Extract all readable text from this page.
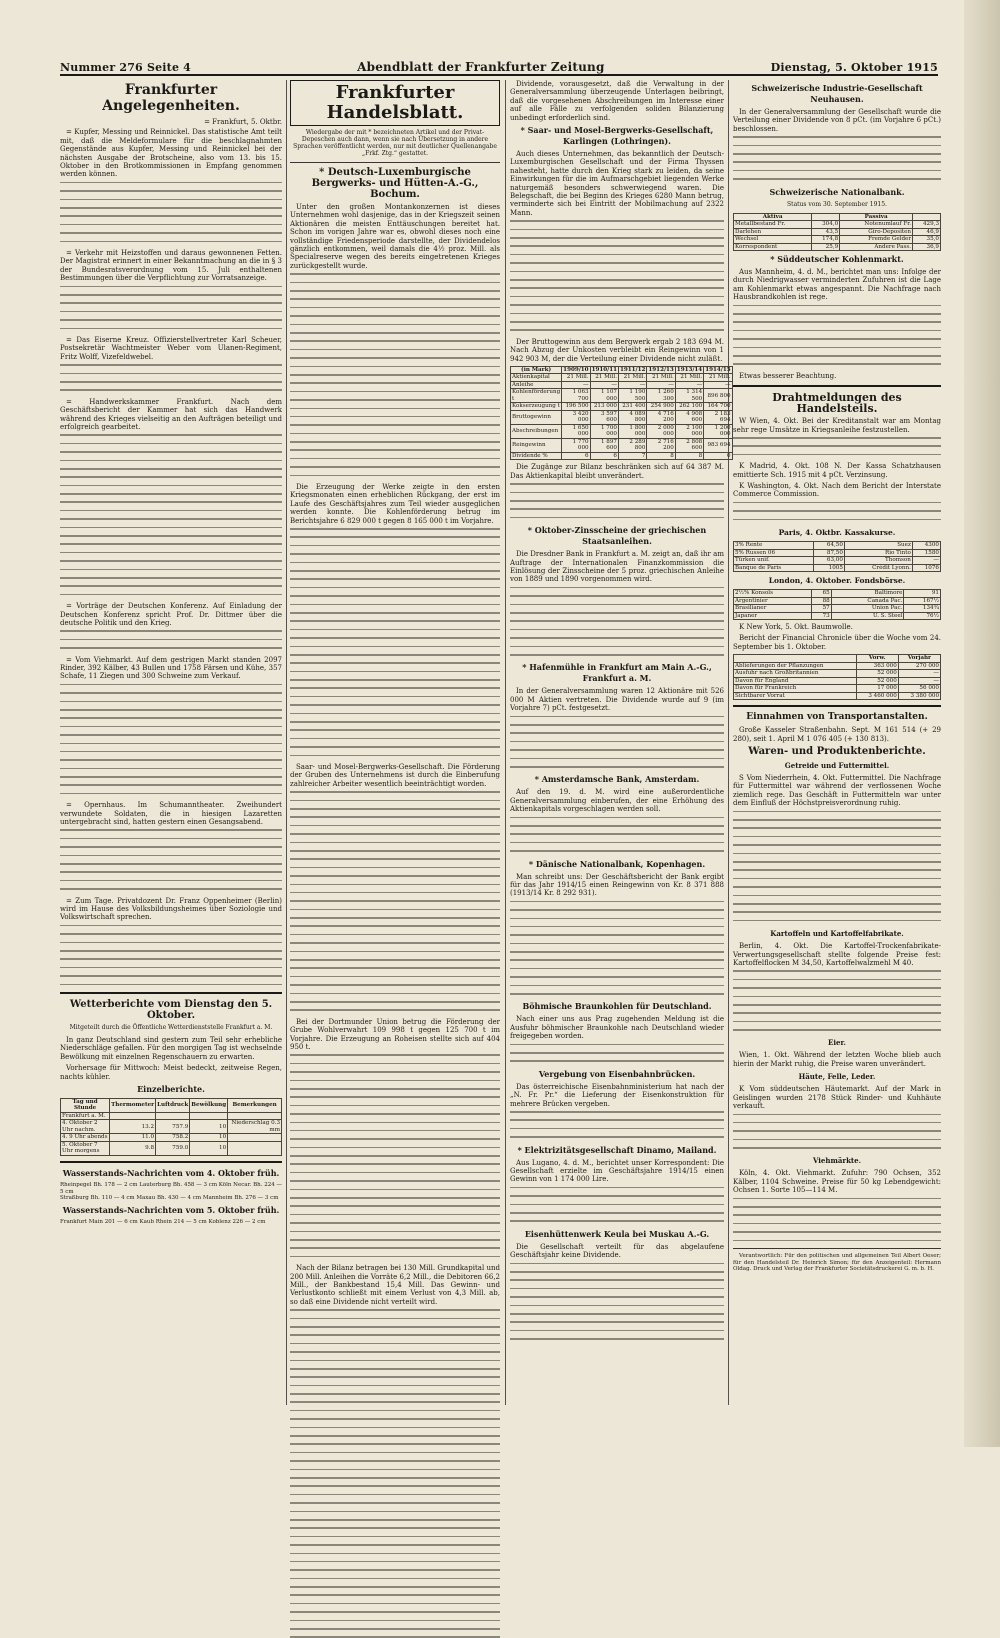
Nummer 276 Seite 4	Abendblatt der Frankfurter Zeitung	Dienstag, 5. Oktober 1915
Frankfurter Angelegenheiten.
= Frankfurt, 5. Oktbr.

= Kupfer, Messing und Reinnickel. Das statistische Amt teilt mit, daß die Meldeformulare für die beschlagnahmten Gegenstände aus Kupfer, Messing und Reinnickel bei der nächsten Ausgabe der Brotscheine, also vom 13. bis 15. Oktober in den Brotkommissionen in Empfang genommen werden können.

= Verkehr mit Heizstoffen und daraus gewonnenen Fetten. Der Magistrat erinnert in einer Bekanntmachung an die in § 3 der Bundesratsverordnung vom 15. Juli enthaltenen Bestimmungen über die Verpflichtung zur Vorratsanzeige.

= Das Eiserne Kreuz. Offizierstellvertreter Karl Scheuer, Postsekretär Wachtmeister Weber vom Ulanen-Regiment, Fritz Wolff, Vizefeldwebel.

= Handwerkskammer Frankfurt. Nach dem Geschäftsbericht der Kammer hat sich das Handwerk während des Krieges vielseitig an den Aufträgen beteiligt und erfolgreich gearbeitet.

= Vorträge der Deutschen Konferenz. Auf Einladung der Deutschen Konferenz spricht Prof. Dr. Dittmer über die deutsche Politik und den Krieg.

= Vom Viehmarkt. Auf dem gestrigen Markt standen 2097 Rinder, 392 Kälber, 43 Bullen und 1758 Färsen und Kühe, 357 Schafe, 11 Ziegen und 300 Schweine zum Verkauf.

= Opernhaus. Im Schumanntheater. Zweihundert verwundete Soldaten, die in hiesigen Lazaretten untergebracht sind, hatten gestern einen Gesangsabend.

= Zum Tage. Privatdozent Dr. Franz Oppenheimer (Berlin) wird im Hause des Volksbildungsheimes über Soziologie und Volkswirtschaft sprechen.

Wetterberichte vom Dienstag den 5. Oktober.
Mitgeteilt durch die Öffentliche Wetterdienststelle Frankfurt a. M.

In ganz Deutschland sind gestern zum Teil sehr erhebliche Niederschläge gefallen. Für den morgigen Tag ist wechselnde Bewölkung mit einzelnen Regenschauern zu erwarten.

Vorhersage für Mittwoch: Meist bedeckt, zeitweise Regen, nachts kühler.

Einzelberichte.
Tag und Stunde	Thermometer	Luftdruck	Bewölkung	Bemerkungen
Frankfurt a. M.				
4. Oktober 2 Uhr nachm.	13.2	757.9	10	Niederschlag 0.3 mm
4. 9 Uhr abends	11.0	758.2	10	
5. Oktober 7 Uhr morgens	9.8	759.0	10	
Wasserstands-Nachrichten vom 4. Oktober früh.
Rheinpegel Bh. 178 — 2 cm Lauterburg Bh. 458 — 3 cm Köln Necar. Bh. 224 — 5 cm
Straßburg Bh. 110 — 4 cm Maxau Bh. 430 — 4 cm Mannheim Bh. 276 — 3 cm
Wasserstands-Nachrichten vom 5. Oktober früh.
Frankfurt Main 201 — 6 cm Kaub Rhein 214 — 5 cm Koblenz 226 — 2 cm
Frankfurter Handelsblatt.
Wiedergabe der mit * bezeichneten Artikel und der Privat-Depeschen auch dann, wenn sie nach Übersetzung in andere Sprachen veröffentlicht werden, nur mit deutlicher Quellenangabe „Frkf. Ztg.“ gestattet.
* Deutsch-Luxemburgische Bergwerks- und Hütten-A.-G., Bochum.

Unter den großen Montankonzernen ist dieses Unternehmen wohl dasjenige, das in der Kriegszeit seinen Aktionären die meisten Enttäuschungen bereitet hat. Schon im vorigen Jahre war es, obwohl dieses noch eine vollständige Friedensperiode darstellte, der Dividendelos gänzlich entkommen, weil damals die 4½ proz. Mill. als Specialreserve wegen des bereits eingetretenen Krieges zurückgestellt wurde.

Die Erzeugung der Werke zeigte in den ersten Kriegsmonaten einen erheblichen Rückgang, der erst im Laufe des Geschäftsjahres zum Teil wieder ausgeglichen werden konnte. Die Kohlenförderung betrug im Berichtsjahre 6 829 000 t gegen 8 165 000 t im Vorjahre.

Saar- und Mosel-Bergwerks-Gesellschaft. Die Förderung der Gruben des Unternehmens ist durch die Einberufung zahlreicher Arbeiter wesentlich beeinträchtigt worden.

Bei der Dortmunder Union betrug die Förderung der Grube Wohlverwahrt 109 998 t gegen 125 700 t im Vorjahre. Die Erzeugung an Roheisen stellte sich auf 404 950 t.

Nach der Bilanz betragen bei 130 Mill. Grundkapital und 200 Mill. Anleihen die Vorräte 6,2 Mill., die Debitoren 66,2 Mill., der Bankbestand 15,4 Mill. Das Gewinn- und Verlustkonto schließt mit einem Verlust von 4,3 Mill. ab, so daß eine Dividende nicht verteilt wird.

Dividende, vorausgesetzt, daß die Verwaltung in der Generalversammlung überzeugende Unterlagen beibringt, daß die vorgesehenen Abschreibungen im Interesse einer auf alle Fälle zu verfolgenden soliden Bilanzierung unbedingt erforderlich sind.

* Saar- und Mosel-Bergwerks-Gesellschaft, Karlingen (Lothringen).

Auch dieses Unternehmen, das bekanntlich der Deutsch-Luxemburgischen Gesellschaft und der Firma Thyssen nahesteht, hatte durch den Krieg stark zu leiden, da seine Einwirkungen für die im Aufmarschgebiet liegenden Werke naturgemäß besonders schwerwiegend waren. Die Belegschaft, die bei Beginn des Krieges 6280 Mann betrug, verminderte sich bei Eintritt der Mobilmachung auf 2322 Mann.

Der Bruttogewinn aus dem Bergwerk ergab 2 183 694 M. Nach Abzug der Unkosten verbleibt ein Reingewinn von 1 942 903 M, der die Verteilung einer Dividende nicht zuläßt.

(in Mark)	1909/10	1910/11	1911/12	1912/13	1913/14	1914/15
Aktienkapital	21 Mill.	21 Mill.	21 Mill.	21 Mill.	21 Mill.	21 Mill.
Anleihe	—	—	—	—	—	—
Kohlenförderung t	1 063 700	1 107 000	1 190 500	1 260 300	1 314 500	896 800
Kokserzeugung t	196 500	213 000	231 400	254 900	262 100	164 700
Bruttogewinn	3 420 000	3 597 600	4 089 800	4 716 200	4 908 600	2 183 694
Abschreibungen	1 650 000	1 700 000	1 800 000	2 000 000	2 100 000	1 200 000
Reingewinn	1 770 000	1 897 600	2 289 800	2 716 200	2 808 600	983 694
Dividende %	6	6	7	8	8	0

Die Zugänge zur Bilanz beschränken sich auf 64 387 M. Das Aktienkapital bleibt unverändert.

* Oktober-Zinsscheine der griechischen Staatsanleihen.

Die Dresdner Bank in Frankfurt a. M. zeigt an, daß ihr am Auftrage der Internationalen Finanzkommission die Einlösung der Zinsscheine der 5 proz. griechischen Anleihe von 1889 und 1890 vorgenommen wird.

* Hafenmühle in Frankfurt am Main A.-G., Frankfurt a. M.

In der Generalversammlung waren 12 Aktionäre mit 526 000 M Aktien vertreten. Die Dividende wurde auf 9 (im Vorjahre 7) pCt. festgesetzt.

* Amsterdamsche Bank, Amsterdam.

Auf den 19. d. M. wird eine außerordentliche Generalversammlung einberufen, der eine Erhöhung des Aktienkapitals vorgeschlagen werden soll.

* Dänische Nationalbank, Kopenhagen.

Man schreibt uns: Der Geschäftsbericht der Bank ergibt für das Jahr 1914/15 einen Reingewinn von Kr. 8 371 888 (1913/14 Kr. 8 292 931).

Böhmische Braunkohlen für Deutschland.

Nach einer uns aus Prag zugehenden Meldung ist die Ausfuhr böhmischer Braunkohle nach Deutschland wieder freigegeben worden.

Vergebung von Eisenbahnbrücken.

Das österreichische Eisenbahnministerium hat nach der „N. Fr. Pr.“ die Lieferung der Eisenkonstruktion für mehrere Brücken vergeben.

* Elektrizitätsgesellschaft Dinamo, Mailand.

Aus Lugano, 4. d. M., berichtet unser Korrespondent: Die Gesellschaft erzielte im Geschäftsjahre 1914/15 einen Gewinn von 1 174 000 Lire.

Eisenhüttenwerk Keula bei Muskau A.-G.

Die Gesellschaft verteilt für das abgelaufene Geschäftsjahr keine Dividende.

Schweizerische Industrie-Gesellschaft Neuhausen.

In der Generalversammlung der Gesellschaft wurde die Verteilung einer Dividende von 8 pCt. (im Vorjahre 6 pCt.) beschlossen.

Schweizerische Nationalbank.
Status vom 30. September 1915.
Aktiva		Passiva	
Metallbestand Fr.	304,0	Notenumlauf Fr.	429,3
Darlehen	43,5	Giro-Depositen	46,9
Wechsel	174,8	Fremde Gelder	35,0
Korrespondent	25,9	Andere Pass.	36,9
* Süddeutscher Kohlenmarkt.

Aus Mannheim, 4. d. M., berichtet man uns: Infolge der durch Niedrigwasser verminderten Zufuhren ist die Lage am Kohlenmarkt etwas angespannt. Die Nachfrage nach Hausbrandkohlen ist rege.

Etwas besserer Beachtung.

Drahtmeldungen des Handelsteils.

W Wien, 4. Okt. Bei der Kreditanstalt war am Montag sehr rege Umsätze in Kriegsanleihe festzustellen.

K Madrid, 4. Okt. 108 N. Der Kassa Schatzhausen emittierte Sch. 1915 mit 4 pCt. Verzinsung.

K Washington, 4. Okt. Nach dem Bericht der Interstate Commerce Commission.

Paris, 4. Oktbr. Kassakurse.
3% Rente	64,50	Suez	4300
5% Russen 06	87,50	Rio Tinto	1580
Türken unif.	63,00	Thomson	—
Banque de Paris	1005	Crédit Lyonn.	1076
London, 4. Oktober. Fondsbörse.
2½% Konsols	65	Baltimore	91
Argentinier	88	Canada Pac.	167½
Brasilianer	57	Union Pac.	134¾
Japaner	73	U. S. Steel	76½

K New York, 5. Okt. Baumwolle.

Bericht der Financial Chronicle über die Woche vom 24. September bis 1. Oktober.

	Vorw.	Vorjahr
Ablieferungen der Pflanzungen	363 000	270 000
Ausfuhr nach Großbritannien	52 000	—
Davon für England	52 000	—
Davon für Frankreich	17 000	56 000
Sichtbarer Vorrat	3 460 000	3 380 000
Einnahmen von Transportanstalten.

Große Kasseler Straßenbahn. Sept. M 161 514 (+ 29 280), seit 1. April M 1 076 405 (+ 130 813).

Waren- und Produktenberichte.
Getreide und Futtermittel.

S Vom Niederrhein, 4. Okt. Futtermittel. Die Nachfrage für Futtermittel war während der verflossenen Woche ziemlich rege. Das Geschäft in Futtermitteln war unter dem Einfluß der Höchstpreisverordnung ruhig.

Kartoffeln und Kartoffelfabrikate.

Berlin, 4. Okt. Die Kartoffel-Trockenfabrikate-Verwertungsgesellschaft stellte folgende Preise fest: Kartoffelflocken M 34,50, Kartoffelwalzmehl M 40.

Eier.

Wien, 1. Okt. Während der letzten Woche blieb auch hierin der Markt ruhig, die Preise waren unverändert.

Häute, Felle, Leder.

K Vom süddeutschen Häutemarkt. Auf der Mark in Geislingen wurden 2178 Stück Rinder- und Kuhhäute verkauft.

Viehmärkte.

Köln, 4. Okt. Viehmarkt. Zufuhr: 790 Ochsen, 352 Kälber, 1104 Schweine. Preise für 50 kg Lebendgewicht: Ochsen 1. Sorte 105—114 M.

Verantwortlich: Für den politischen und allgemeinen Teil Albert Oeser; für den Handelsteil Dr. Heinrich Simon; für den Anzeigenteil: Hermann Oldag. Druck und Verlag der Frankfurter Societätsdruckerei G. m. b. H.
